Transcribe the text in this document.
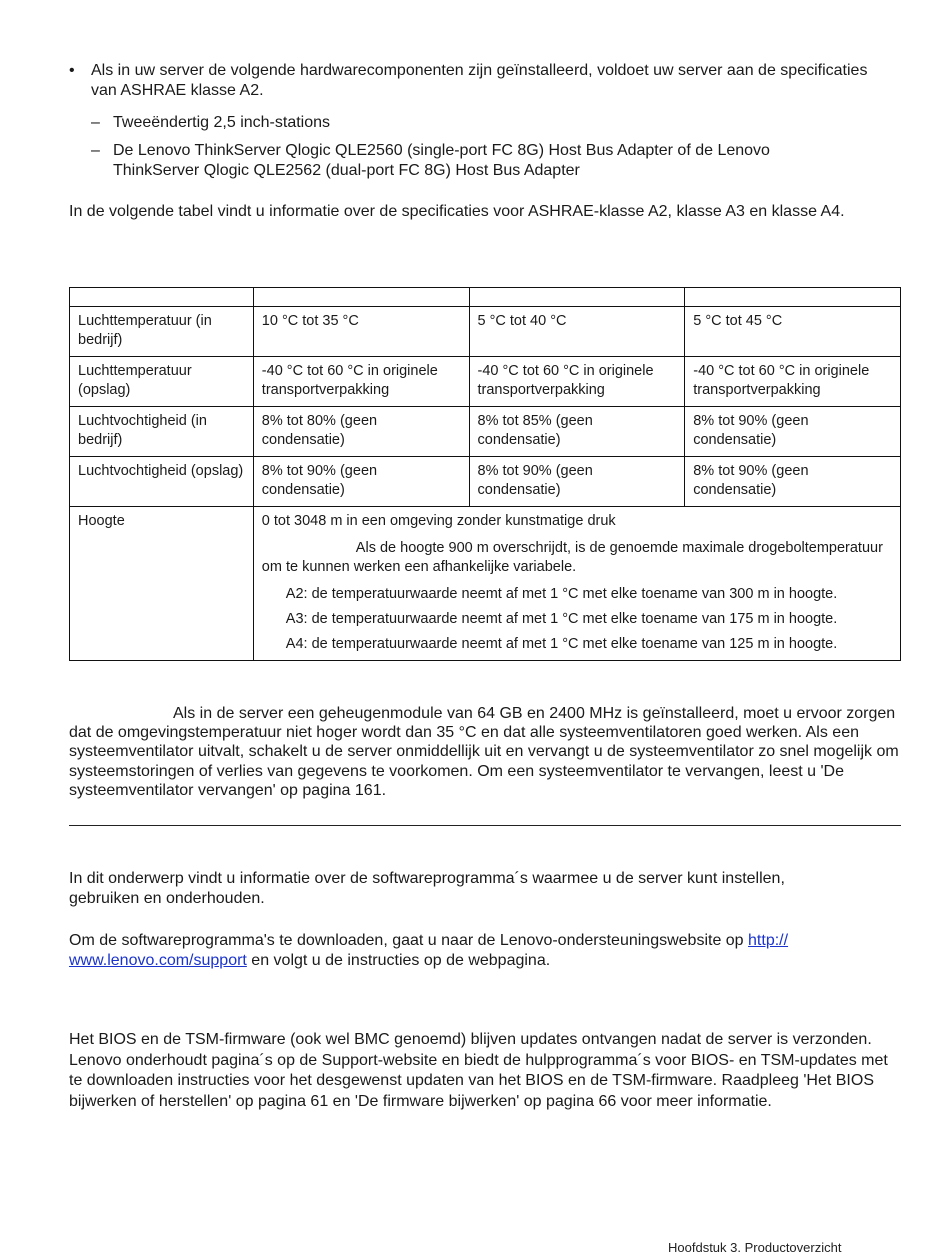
• Als in uw server de volgende hardwarecomponenten zijn geïnstalleerd, voldoet uw server aan de specificaties van ASHRAE klasse A2.

– Tweeëndertig 2,5 inch-stations

– De Lenovo ThinkServer Qlogic QLE2560 (single-port FC 8G) Host Bus Adapter of de Lenovo ThinkServer Qlogic QLE2562 (dual-port FC 8G) Host Bus Adapter

In de volgende tabel vindt u informatie over de specificaties voor ASHRAE-klasse A2, klasse A3 en klasse A4.

Luchttemperatuur (in bedrijf)	10 °C tot 35 °C	5 °C tot 40 °C	5 °C tot 45 °C
Luchttemperatuur (opslag)	-40 °C tot 60 °C in originele transportverpakking	-40 °C tot 60 °C in originele transportverpakking	-40 °C tot 60 °C in originele transportverpakking
Luchtvochtigheid (in bedrijf)	8% tot 80% (geen condensatie)	8% tot 85% (geen condensatie)	8% tot 90% (geen condensatie)
Luchtvochtigheid (opslag)	8% tot 90% (geen condensatie)	8% tot 90% (geen condensatie)	8% tot 90% (geen condensatie)
Hoogte	0 tot 3048 m in een omgeving zonder kunstmatige druk

Als de hoogte 900 m overschrijdt, is de genoemde maximale drogeboltemperatuur om te kunnen werken een afhankelijke variabele.

A2: de temperatuurwaarde neemt af met 1 °C met elke toename van 300 m in hoogte.

A3: de temperatuurwaarde neemt af met 1 °C met elke toename van 175 m in hoogte.

A4: de temperatuurwaarde neemt af met 1 °C met elke toename van 125 m in hoogte.		

Als in de server een geheugenmodule van 64 GB en 2400 MHz is geïnstalleerd, moet u ervoor zorgen dat de omgevingstemperatuur niet hoger wordt dan 35 °C en dat alle systeemventilatoren goed werken. Als een systeemventilator uitvalt, schakelt u de server onmiddellijk uit en vervangt u de systeemventilator zo snel mogelijk om systeemstoringen of verlies van gegevens te voorkomen. Om een systeemventilator te vervangen, leest u 'De systeemventilator vervangen' op pagina 161.

In dit onderwerp vindt u informatie over de softwareprogramma´s waarmee u de server kunt instellen, gebruiken en onderhouden.

Om de softwareprogramma's te downloaden, gaat u naar de Lenovo-ondersteuningswebsite op http:// www.lenovo.com/support en volgt u de instructies op de webpagina.

Het BIOS en de TSM-firmware (ook wel BMC genoemd) blijven updates ontvangen nadat de server is verzonden. Lenovo onderhoudt pagina´s op de Support-website en biedt de hulpprogramma´s voor BIOS- en TSM-updates met te downloaden instructies voor het desgewenst updaten van het BIOS en de TSM-firmware. Raadpleeg 'Het BIOS bijwerken of herstellen' op pagina 61 en 'De firmware bijwerken' op pagina 66 voor meer informatie.

Hoofdstuk 3. Productoverzicht
